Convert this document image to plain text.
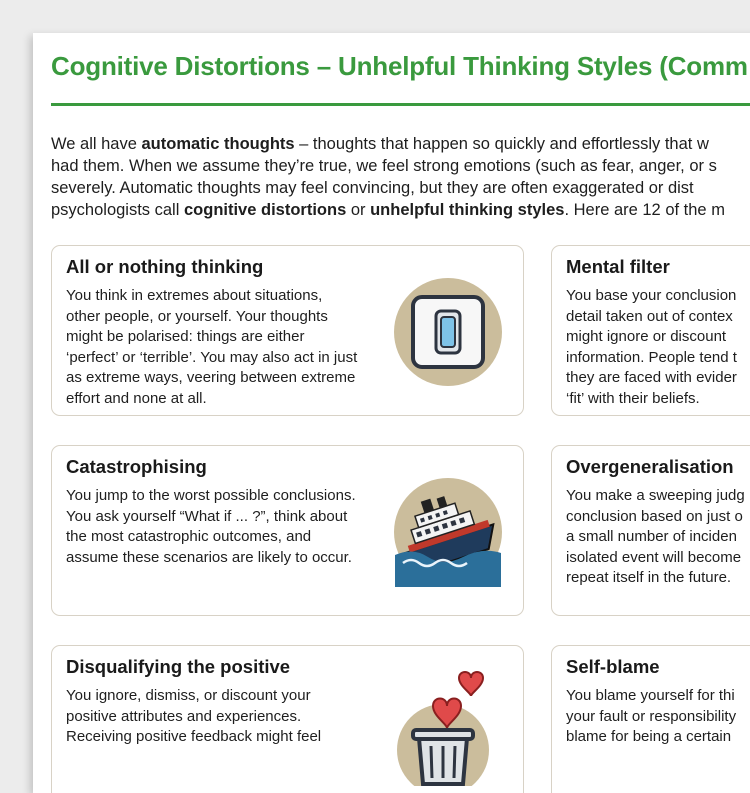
Cognitive Distortions – Unhelpful Thinking Styles (Comm
We all have automatic thoughts – thoughts that happen so quickly and effortlessly that w
had them. When we assume they’re true, we feel strong emotions (such as fear, anger, or s
severely. Automatic thoughts may feel convincing, but they are often exaggerated or dist
psychologists call cognitive distortions or unhelpful thinking styles. Here are 12 of the m
All or nothing thinking
You think in extremes about situations,
other people, or yourself. Your thoughts
might be polarised: things are either
‘perfect’ or ‘terrible’. You may also act in just
as extreme ways, veering between extreme
effort and none at all.
Mental filter
You base your conclusion
detail taken out of contex
might ignore or discount
information. People tend t
they are faced with evider
‘fit’ with their beliefs.
Catastrophising
You jump to the worst possible conclusions.
You ask yourself “What if ... ?”, think about
the most catastrophic outcomes, and
assume these scenarios are likely to occur.
Overgeneralisation
You make a sweeping judg
conclusion based on just o
a small number of inciden
isolated event will become
repeat itself in the future.
Disqualifying the positive
You ignore, dismiss, or discount your
positive attributes and experiences.
Receiving positive feedback might feel
Self-blame
You blame yourself for thi
your fault or responsibility
blame for being a certain
